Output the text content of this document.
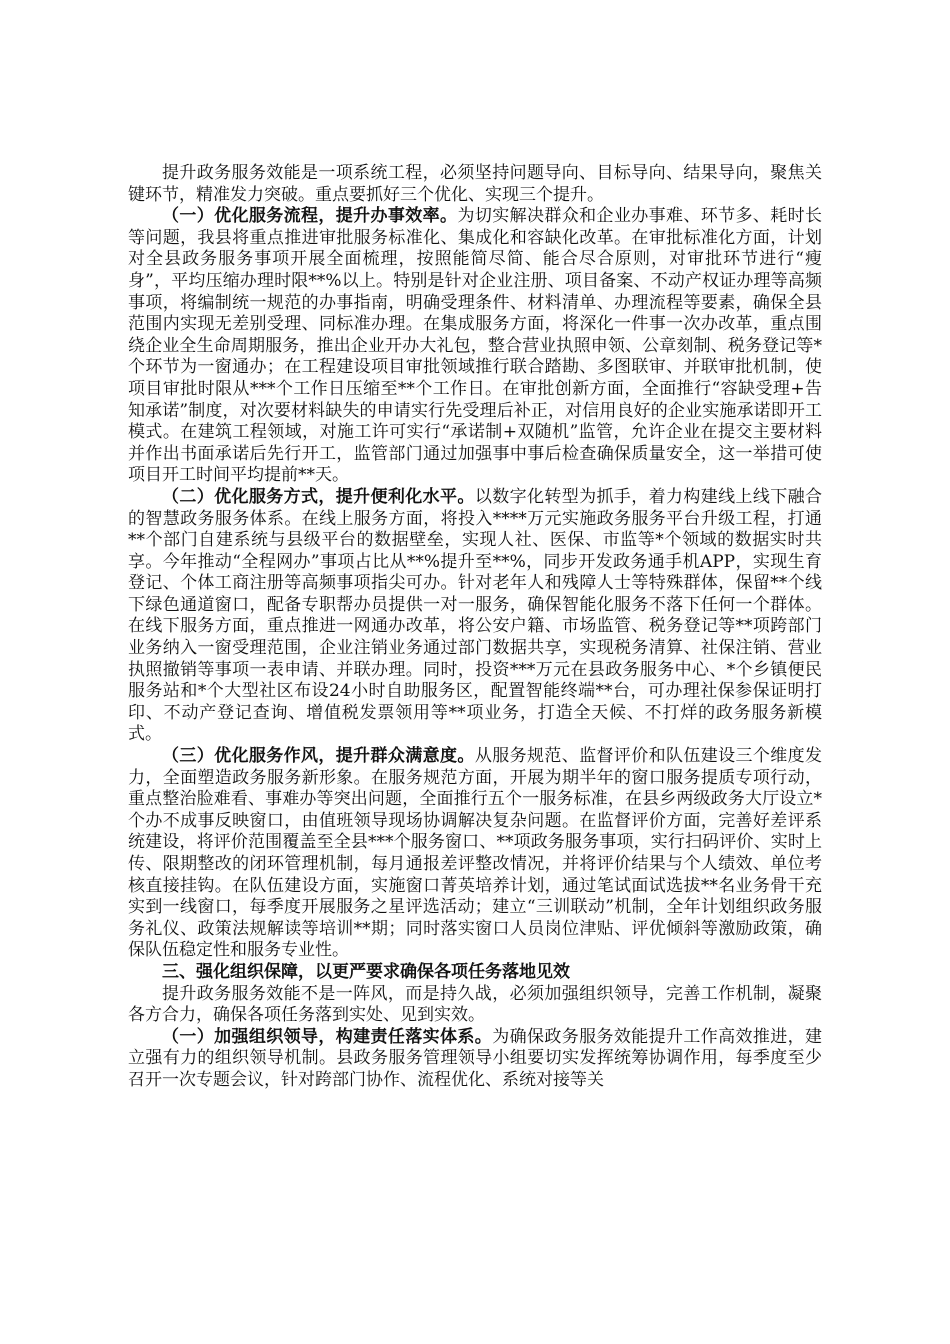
提升政务服务效能是一项系统工程，必须坚持问题导向、目标导向、结果导向，聚焦关键环节，精准发力突破。重点要抓好三个优化、实现三个提升。

（一）优化服务流程，提升办事效率。为切实解决群众和企业办事难、环节多、耗时长等问题，我县将重点推进审批服务标准化、集成化和容缺化改革。在审批标准化方面，计划对全县政务服务事项开展全面梳理，按照能简尽简、能合尽合原则，对审批环节进行“瘦身”，平均压缩办理时限**%以上。特别是针对企业注册、项目备案、不动产权证办理等高频事项，将编制统一规范的办事指南，明确受理条件、材料清单、办理流程等要素，确保全县范围内实现无差别受理、同标准办理。在集成服务方面，将深化一件事一次办改革，重点围绕企业全生命周期服务，推出企业开办大礼包，整合营业执照申领、公章刻制、税务登记等*个环节为一窗通办；在工程建设项目审批领域推行联合踏勘、多图联审、并联审批机制，使项目审批时限从***个工作日压缩至**个工作日。在审批创新方面，全面推行“容缺受理+告知承诺”制度，对次要材料缺失的申请实行先受理后补正，对信用良好的企业实施承诺即开工模式。在建筑工程领域，对施工许可实行“承诺制+双随机”监管，允许企业在提交主要材料并作出书面承诺后先行开工，监管部门通过加强事中事后检查确保质量安全，这一举措可使项目开工时间平均提前**天。

（二）优化服务方式，提升便利化水平。以数字化转型为抓手，着力构建线上线下融合的智慧政务服务体系。在线上服务方面，将投入****万元实施政务服务平台升级工程，打通**个部门自建系统与县级平台的数据壁垒，实现人社、医保、市监等*个领域的数据实时共享。今年推动“全程网办”事项占比从**%提升至**%，同步开发政务通手机APP，实现生育登记、个体工商注册等高频事项指尖可办。针对老年人和残障人士等特殊群体，保留**个线下绿色通道窗口，配备专职帮办员提供一对一服务，确保智能化服务不落下任何一个群体。在线下服务方面，重点推进一网通办改革，将公安户籍、市场监管、税务登记等**项跨部门业务纳入一窗受理范围，企业注销业务通过部门数据共享，实现税务清算、社保注销、营业执照撤销等事项一表申请、并联办理。同时，投资***万元在县政务服务中心、*个乡镇便民服务站和*个大型社区布设24小时自助服务区，配置智能终端**台，可办理社保参保证明打印、不动产登记查询、增值税发票领用等**项业务，打造全天候、不打烊的政务服务新模式。

（三）优化服务作风，提升群众满意度。从服务规范、监督评价和队伍建设三个维度发力，全面塑造政务服务新形象。在服务规范方面，开展为期半年的窗口服务提质专项行动，重点整治脸难看、事难办等突出问题，全面推行五个一服务标准，在县乡两级政务大厅设立*个办不成事反映窗口，由值班领导现场协调解决复杂问题。在监督评价方面，完善好差评系统建设，将评价范围覆盖至全县***个服务窗口、**项政务服务事项，实行扫码评价、实时上传、限期整改的闭环管理机制，每月通报差评整改情况，并将评价结果与个人绩效、单位考核直接挂钩。在队伍建设方面，实施窗口菁英培养计划，通过笔试面试选拔**名业务骨干充实到一线窗口，每季度开展服务之星评选活动；建立“三训联动”机制，全年计划组织政务服务礼仪、政策法规解读等培训**期；同时落实窗口人员岗位津贴、评优倾斜等激励政策，确保队伍稳定性和服务专业性。

三、强化组织保障，以更严要求确保各项任务落地见效

提升政务服务效能不是一阵风，而是持久战，必须加强组织领导，完善工作机制，凝聚各方合力，确保各项任务落到实处、见到实效。

（一）加强组织领导，构建责任落实体系。为确保政务服务效能提升工作高效推进，建立强有力的组织领导机制。县政务服务管理领导小组要切实发挥统筹协调作用，每季度至少召开一次专题会议，针对跨部门协作、流程优化、系统对接等关
